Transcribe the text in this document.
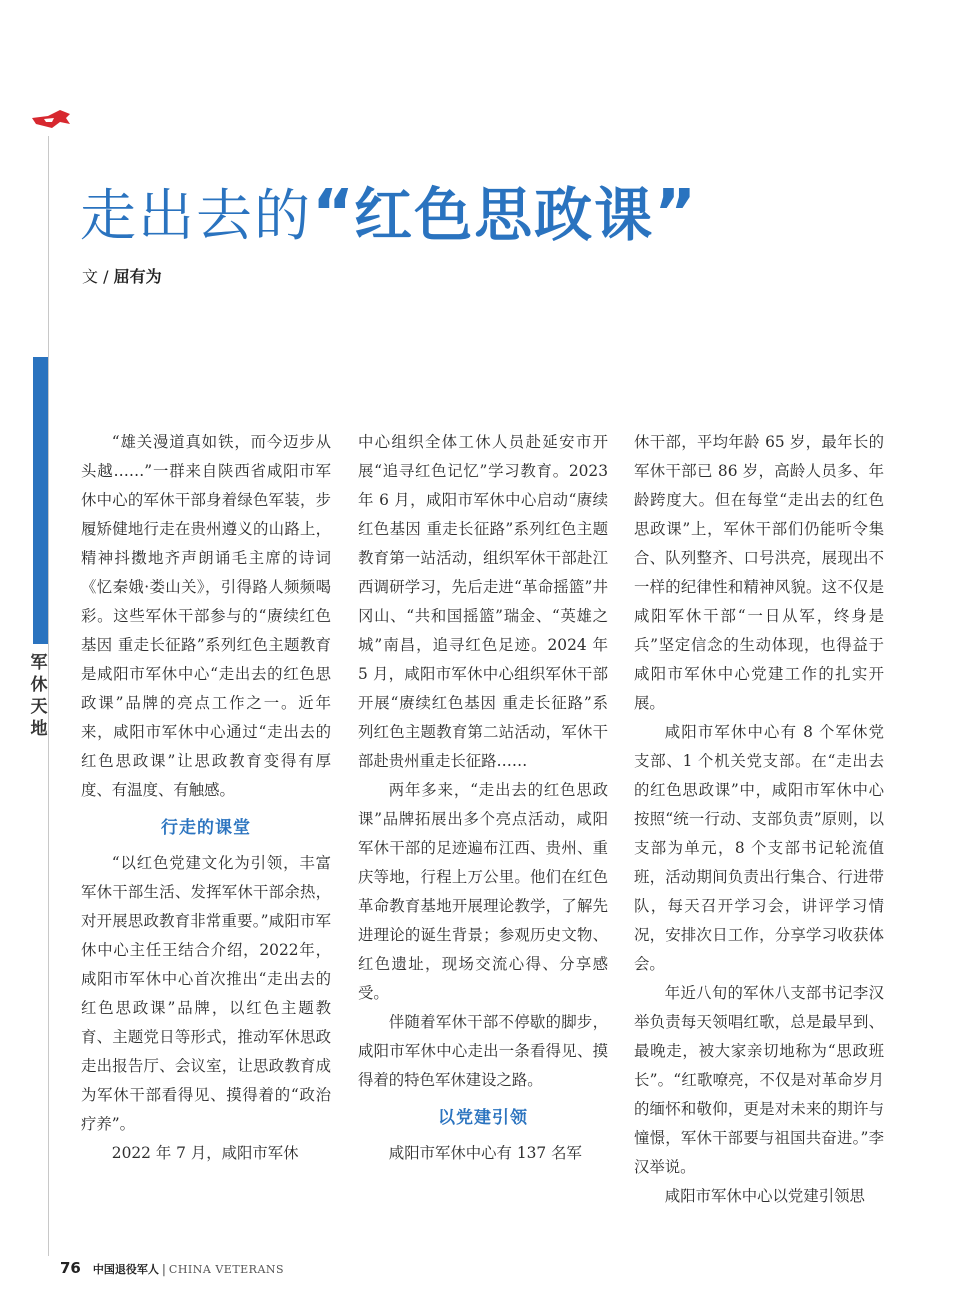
军
休
天
地
走出去的“红色思政课”
文 / 屈有为

“雄关漫道真如铁，而今迈步从头越……”一群来自陕西省咸阳市军休中心的军休干部身着绿色军装，步履矫健地行走在贵州遵义的山路上，精神抖擞地齐声朗诵毛主席的诗词《忆秦娥·娄山关》，引得路人频频喝彩。这些军休干部参与的“赓续红色基因 重走长征路”系列红色主题教育是咸阳市军休中心“走出去的红色思政课”品牌的亮点工作之一。近年来，咸阳市军休中心通过“走出去的红色思政课”让思政教育变得有厚度、有温度、有触感。

行走的课堂

“以红色党建文化为引领，丰富军休干部生活、发挥军休干部余热，对开展思政教育非常重要。”咸阳市军休中心主任王结合介绍，2022年，咸阳市军休中心首次推出“走出去的红色思政课”品牌，以红色主题教育、主题党日等形式，推动军休思政走出报告厅、会议室，让思政教育成为军休干部看得见、摸得着的“政治疗养”。

2022 年 7 月，咸阳市军休

中心组织全体工休人员赴延安市开展“追寻红色记忆”学习教育。2023 年 6 月，咸阳市军休中心启动“赓续红色基因 重走长征路”系列红色主题教育第一站活动，组织军休干部赴江西调研学习，先后走进“革命摇篮”井冈山、“共和国摇篮”瑞金、“英雄之城”南昌，追寻红色足迹。2024 年 5 月，咸阳市军休中心组织军休干部开展“赓续红色基因 重走长征路”系列红色主题教育第二站活动，军休干部赴贵州重走长征路……

两年多来，“走出去的红色思政课”品牌拓展出多个亮点活动，咸阳军休干部的足迹遍布江西、贵州、重庆等地，行程上万公里。他们在红色革命教育基地开展理论教学，了解先进理论的诞生背景；参观历史文物、红色遗址，现场交流心得、分享感受。

伴随着军休干部不停歇的脚步，咸阳市军休中心走出一条看得见、摸得着的特色军休建设之路。

以党建引领

咸阳市军休中心有 137 名军

休干部，平均年龄 65 岁，最年长的军休干部已 86 岁，高龄人员多、年龄跨度大。但在每堂“走出去的红色思政课”上，军休干部们仍能听令集合、队列整齐、口号洪亮，展现出不一样的纪律性和精神风貌。这不仅是咸阳军休干部“一日从军，终身是兵”坚定信念的生动体现，也得益于咸阳市军休中心党建工作的扎实开展。

咸阳市军休中心有 8 个军休党支部、1 个机关党支部。在“走出去的红色思政课”中，咸阳市军休中心按照“统一行动、支部负责”原则，以支部为单元，8 个支部书记轮流值班，活动期间负责出行集合、行进带队，每天召开学习会，讲评学习情况，安排次日工作，分享学习收获体会。

年近八旬的军休八支部书记李汉举负责每天领唱红歌，总是最早到、最晚走，被大家亲切地称为“思政班长”。“红歌嘹亮，不仅是对革命岁月的缅怀和敬仰，更是对未来的期许与憧憬，军休干部要与祖国共奋进。”李汉举说。

咸阳市军休中心以党建引领思

76 中国退役军人 | CHINA VETERANS
